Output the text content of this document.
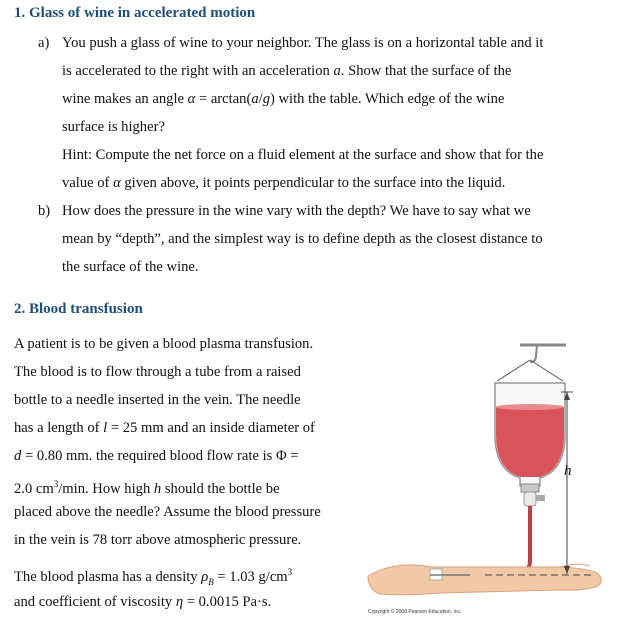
1. Glass of wine in accelerated motion
a) You push a glass of wine to your neighbor. The glass is on a horizontal table and it
is accelerated to the right with an acceleration a. Show that the surface of the
wine makes an angle α = arctan(a/g) with the table. Which edge of the wine
surface is higher?
Hint: Compute the net force on a fluid element at the surface and show that for the
value of α given above, it points perpendicular to the surface into the liquid.
b) How does the pressure in the wine vary with the depth? We have to say what we
mean by “depth”, and the simplest way is to define depth as the closest distance to
the surface of the wine.
2. Blood transfusion
A patient is to be given a blood plasma transfusion.
The blood is to flow through a tube from a raised
bottle to a needle inserted in the vein. The needle
has a length of l = 25 mm and an inside diameter of
d = 0.80 mm. the required blood flow rate is Φ =
2.0 $cm^3/\min$. How high h should the bottle be
placed above the needle? Assume the blood pressure
in the vein is 78 torr above atmospheric pressure.
The blood plasma has a density $\rho_B = 1.03$ $g/cm^3$
and coefficient of viscosity η = 0.0015 Pa·s.
h
Copyright © 2008 Pearson Education, Inc.
